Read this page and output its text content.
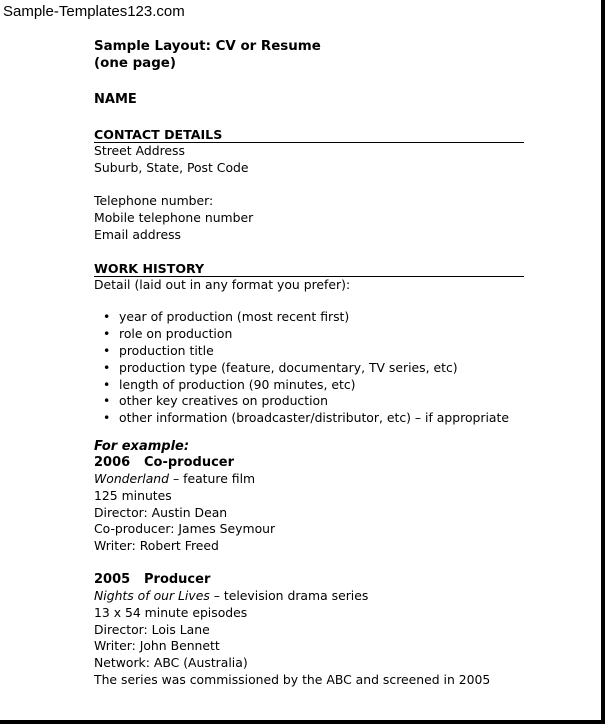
Sample-Templates123.com
Sample Layout: CV or Resume
(one page)
NAME
CONTACT DETAILS
Street Address
Suburb, State, Post Code
Telephone number:
Mobile telephone number
Email address
WORK HISTORY
Detail (laid out in any format you prefer):
• year of production (most recent first)
• role on production
• production title
• production type (feature, documentary, TV series, etc)
• length of production (90 minutes, etc)
• other key creatives on production
• other information (broadcaster/distributor, etc) – if appropriate
For example:
2006 Co-producer
Wonderland – feature film
125 minutes
Director: Austin Dean
Co-producer: James Seymour
Writer: Robert Freed
2005 Producer
Nights of our Lives – television drama series
13 x 54 minute episodes
Director: Lois Lane
Writer: John Bennett
Network: ABC (Australia)
The series was commissioned by the ABC and screened in 2005
